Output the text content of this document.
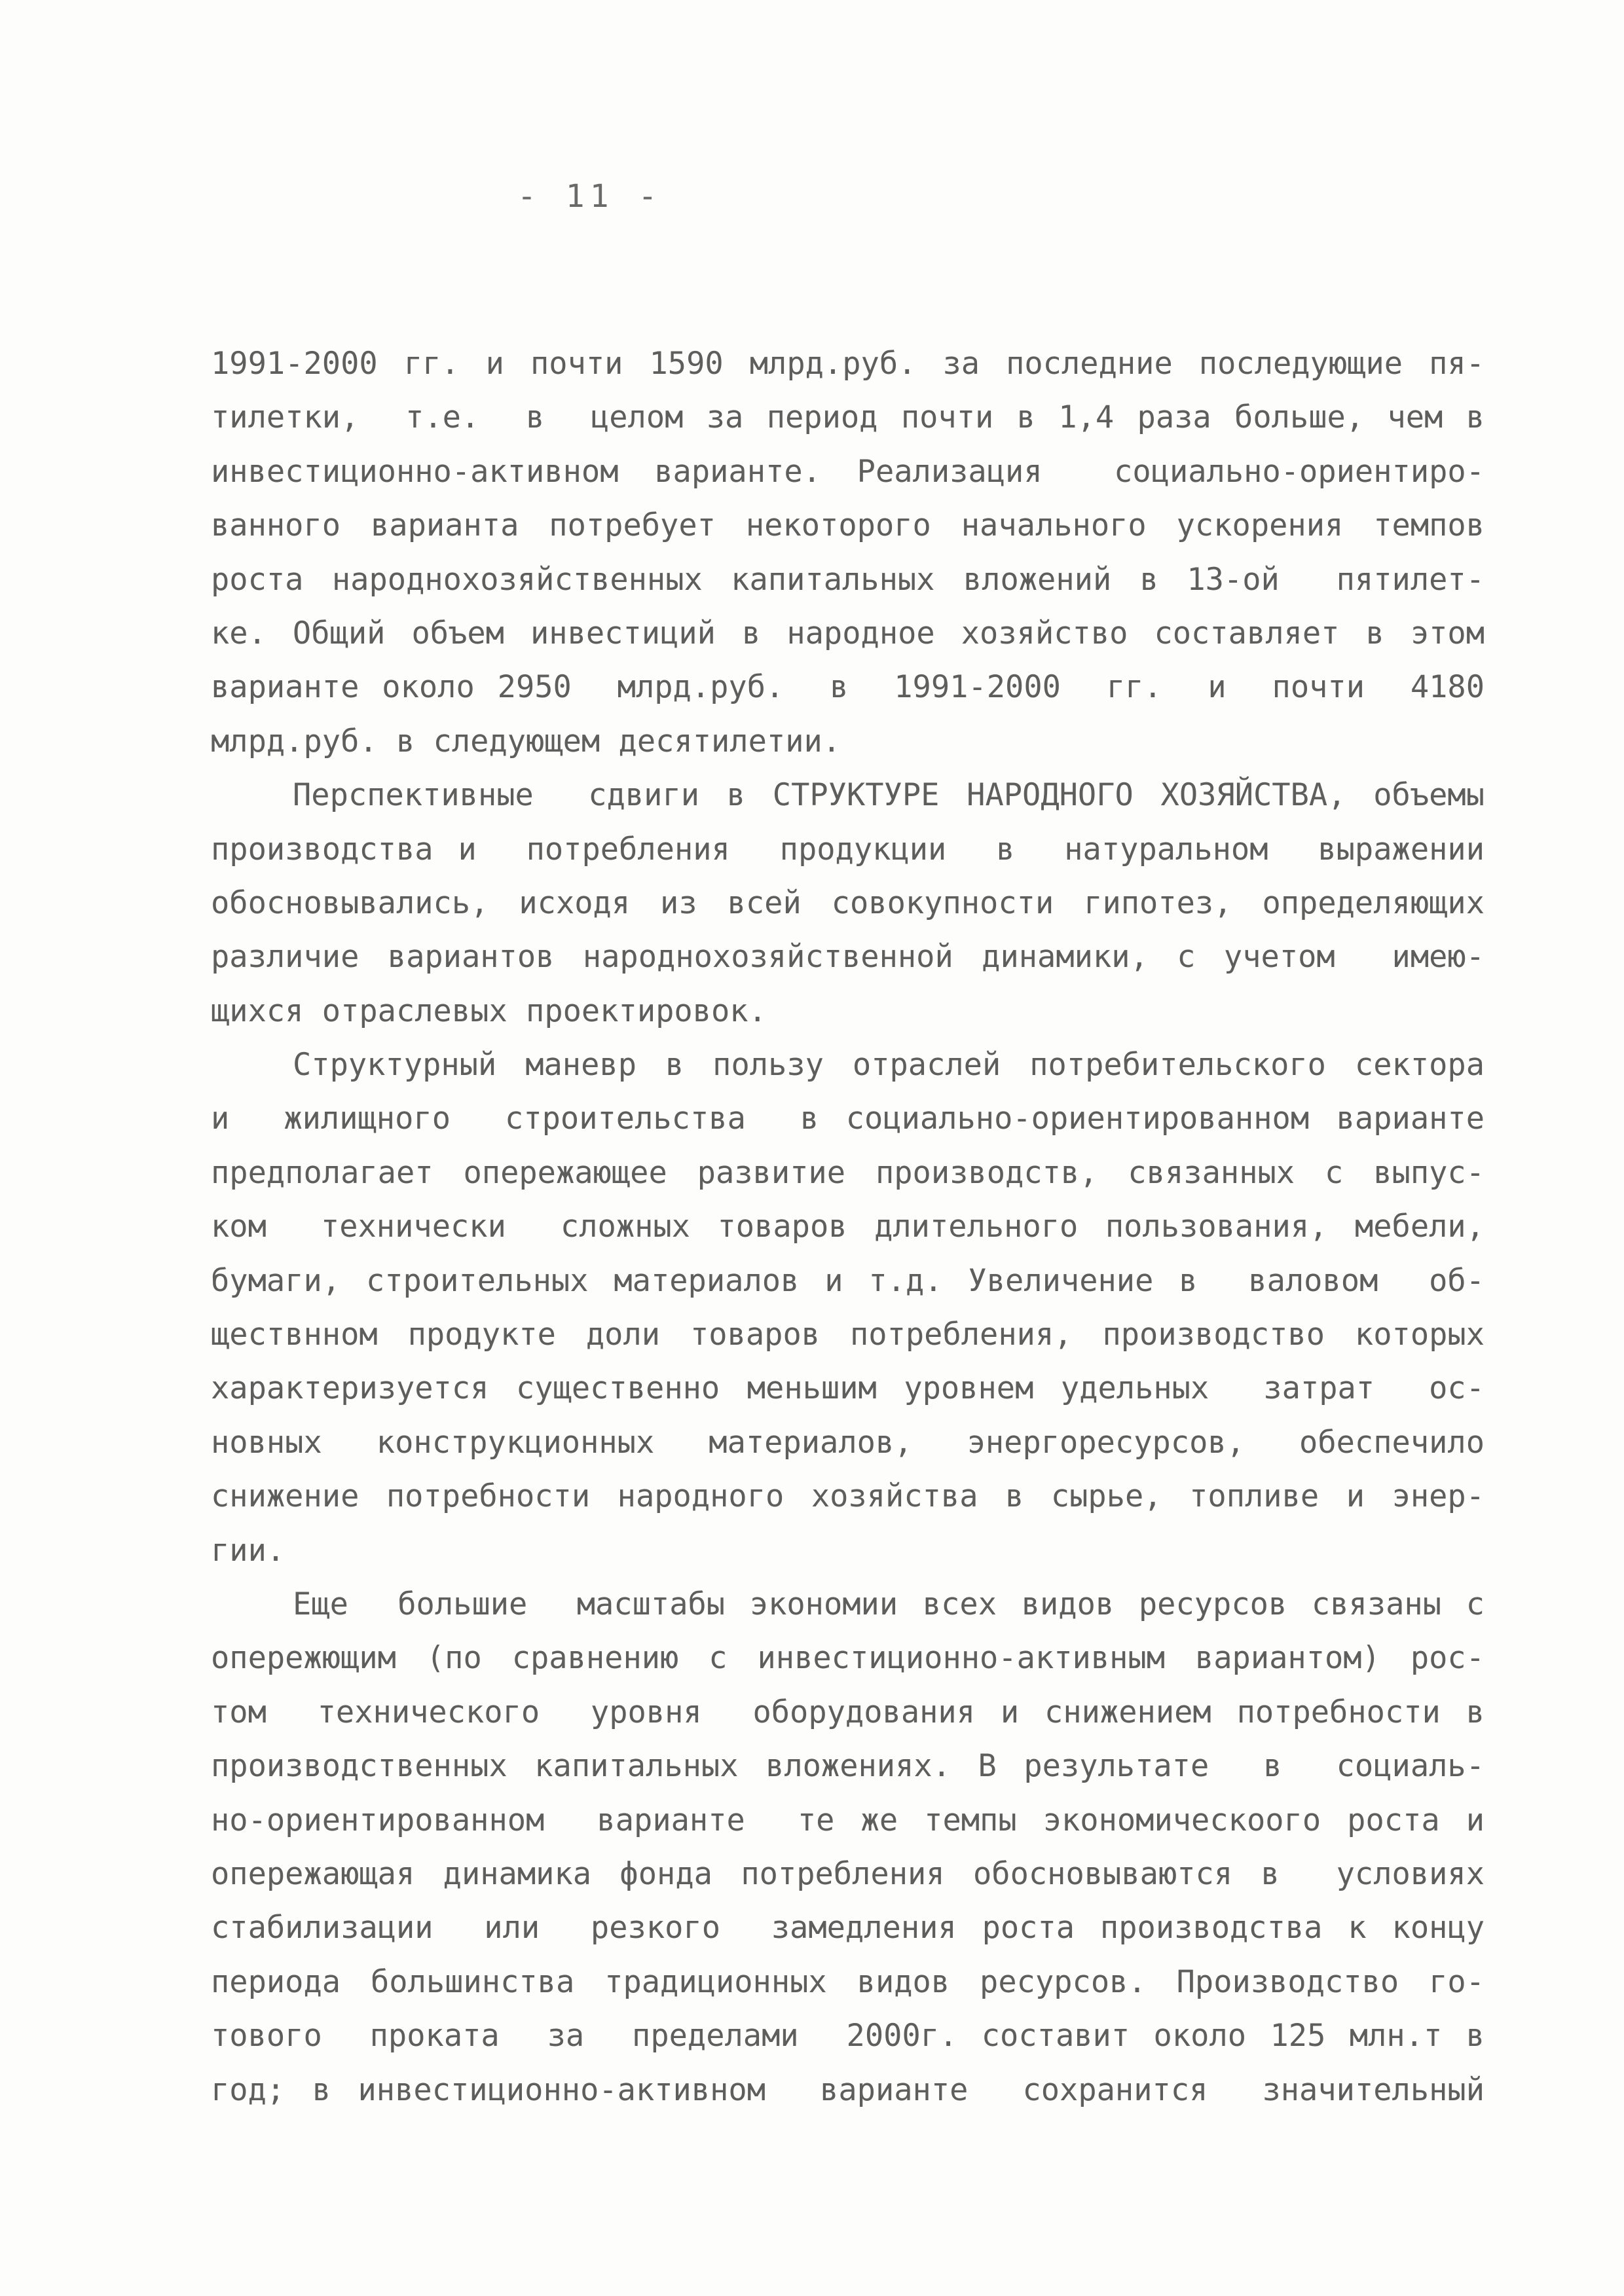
- 11 -
1991-2000 гг. и почти 1590 млрд.руб. за последние последующие пя-
тилетки,  т.е.  в  целом за период почти в 1,4 раза больше, чем в
инвестиционно-активном варианте. Реализация  социально-ориентиро-
ванного варианта потребует некоторого начального ускорения темпов
роста народнохозяйственных капитальных вложений в 13-ой  пятилет-
ке. Общий объем инвестиций в народное хозяйство составляет в этом
варианте около 2950  млрд.руб.  в  1991-2000  гг.  и  почти  4180
млрд.руб. в следующем десятилетии.
Перспективные  сдвиги в СТРУКТУРЕ НАРОДНОГО ХОЗЯЙСТВА, объемы
производства и  потребления  продукции  в  натуральном  выражении
обосновывались, исходя из всей совокупности гипотез, определяющих
различие вариантов народнохозяйственной динамики, с учетом  имею-
щихся отраслевых проектировок.
Структурный маневр в пользу отраслей потребительского сектора
и  жилищного  строительства  в социально-ориентированном варианте
предполагает опережающее развитие производств, связанных с выпус-
ком  технически  сложных товаров длительного пользования, мебели,
бумаги, строительных материалов и т.д. Увеличение в  валовом  об-
ществнном продукте доли товаров потребления, производство которых
характеризуется существенно меньшим уровнем удельных  затрат  ос-
новных  конструкционных  материалов,  энергоресурсов,  обеспечило
снижение потребности народного хозяйства в сырье, топливе и энер-
гии.
Еще  большие  масштабы экономии всех видов ресурсов связаны с
опережющим (по сравнению с инвестиционно-активным вариантом) рос-
том  технического  уровня  оборудования и снижением потребности в
производственных капитальных вложениях. В результате  в  социаль-
но-ориентированном  варианте  те же темпы экономическоого роста и
опережающая динамика фонда потребления обосновываются в  условиях
стабилизации  или  резкого  замедления роста производства к концу
периода большинства традиционных видов ресурсов. Производство го-
тового  проката  за  пределами  2000г. составит около 125 млн.т в
год; в инвестиционно-активном  варианте  сохранится  значительный
